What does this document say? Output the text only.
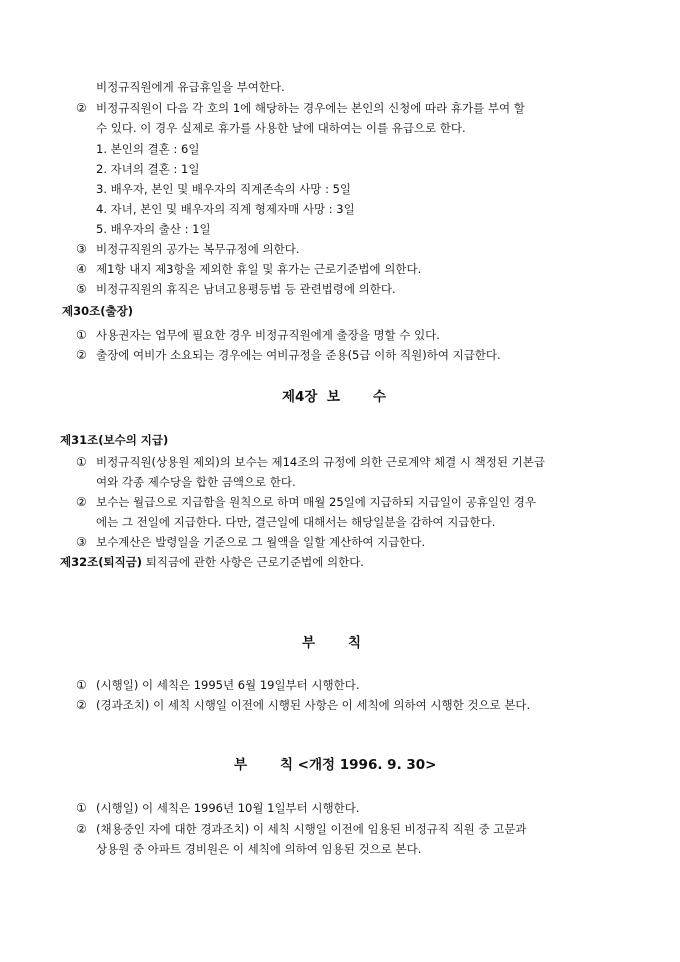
비정규직원에게 유급휴일을 부여한다.
② 비정규직원이 다음 각 호의 1에 해당하는 경우에는 본인의 신청에 따라 휴가를 부여 할
수 있다. 이 경우 실제로 휴가를 사용한 날에 대하여는 이를 유급으로 한다.
1. 본인의 결혼 : 6일
2. 자녀의 결혼 : 1일
3. 배우자, 본인 및 배우자의 직계존속의 사망 : 5일
4. 자녀, 본인 및 배우자의 직계 형제자매 사망 : 3일
5. 배우자의 출산 : 1일
③ 비정규직원의 공가는 복무규정에 의한다.
④ 제1항 내지 제3항을 제외한 휴일 및 휴가는 근로기준법에 의한다.
⑤ 비정규직원의 휴직은 남녀고용평등법 등 관련법령에 의한다.
제30조(출장)
① 사용권자는 업무에 필요한 경우 비정규직원에게 출장을 명할 수 있다.
② 출장에 여비가 소요되는 경우에는 여비규정을 준용(5급 이하 직원)하여 지급한다.
제4장  보       수
제31조(보수의 지급)
① 비정규직원(상용원 제외)의 보수는 제14조의 규정에 의한 근로계약 체결 시 책정된 기본급
여와 각종 제수당을 합한 금액으로 한다.
② 보수는 월급으로 지급함을 원칙으로 하며 매월 25일에 지급하되 지급일이 공휴일인 경우
에는 그 전일에 지급한다. 다만, 결근일에 대해서는 해당일분을 감하여 지급한다.
③ 보수계산은 발령일을 기준으로 그 월액을 일할 계산하여 지급한다.
제32조(퇴직금) 퇴직금에 관한 사항은 근로기준법에 의한다.
부       칙
① (시행일) 이 세칙은 1995년 6월 19일부터 시행한다.
② (경과조치) 이 세칙 시행일 이전에 시행된 사항은 이 세칙에 의하여 시행한 것으로 본다.
부       칙 <개정 1996. 9. 30>
① (시행일) 이 세칙은 1996년 10월 1일부터 시행한다.
② (채용중인 자에 대한 경과조치) 이 세칙 시행일 이전에 임용된 비정규직 직원 중 고문과
상용원 중 아파트 경비원은 이 세칙에 의하여 임용된 것으로 본다.
